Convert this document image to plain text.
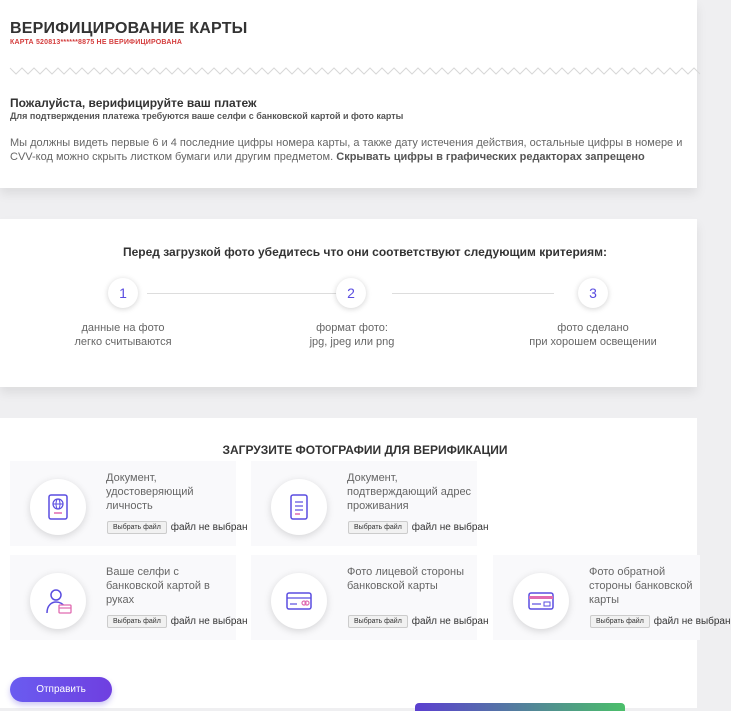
ВЕРИФИЦИРОВАНИЕ КАРТЫ
КАРТА 520813******8875 НЕ ВЕРИФИЦИРОВАНА
Пожалуйста, верифицируйте ваш платеж
Для подтверждения платежа требуются ваше селфи с банковской картой и фото карты
Мы должны видеть первые 6 и 4 последние цифры номера карты, а также дату истечения действия, остальные цифры в номере и CVV-код можно скрыть листком бумаги или другим предметом. Скрывать цифры в графических редакторах запрещено
Перед загрузкой фото убедитесь что они соответствуют следующим критериям:
1	2	3
данные на фото
легко считываются
формат фото:
jpg, jpeg или png
фото сделано
при хорошем освещении
ЗАГРУЗИТЕ ФОТОГРАФИИ ДЛЯ ВЕРИФИКАЦИИ
Документ, удостоверяющий личность
Выбрать файл файл не выбран
Документ, подтверждающий адрес проживания
Выбрать файл файл не выбран
Ваше селфи с банковской картой в руках
Выбрать файл файл не выбран
Фото лицевой стороны банковской карты
Выбрать файл файл не выбран
Фото обратной стороны банковской карты
Выбрать файл файл не выбран
Отправить
